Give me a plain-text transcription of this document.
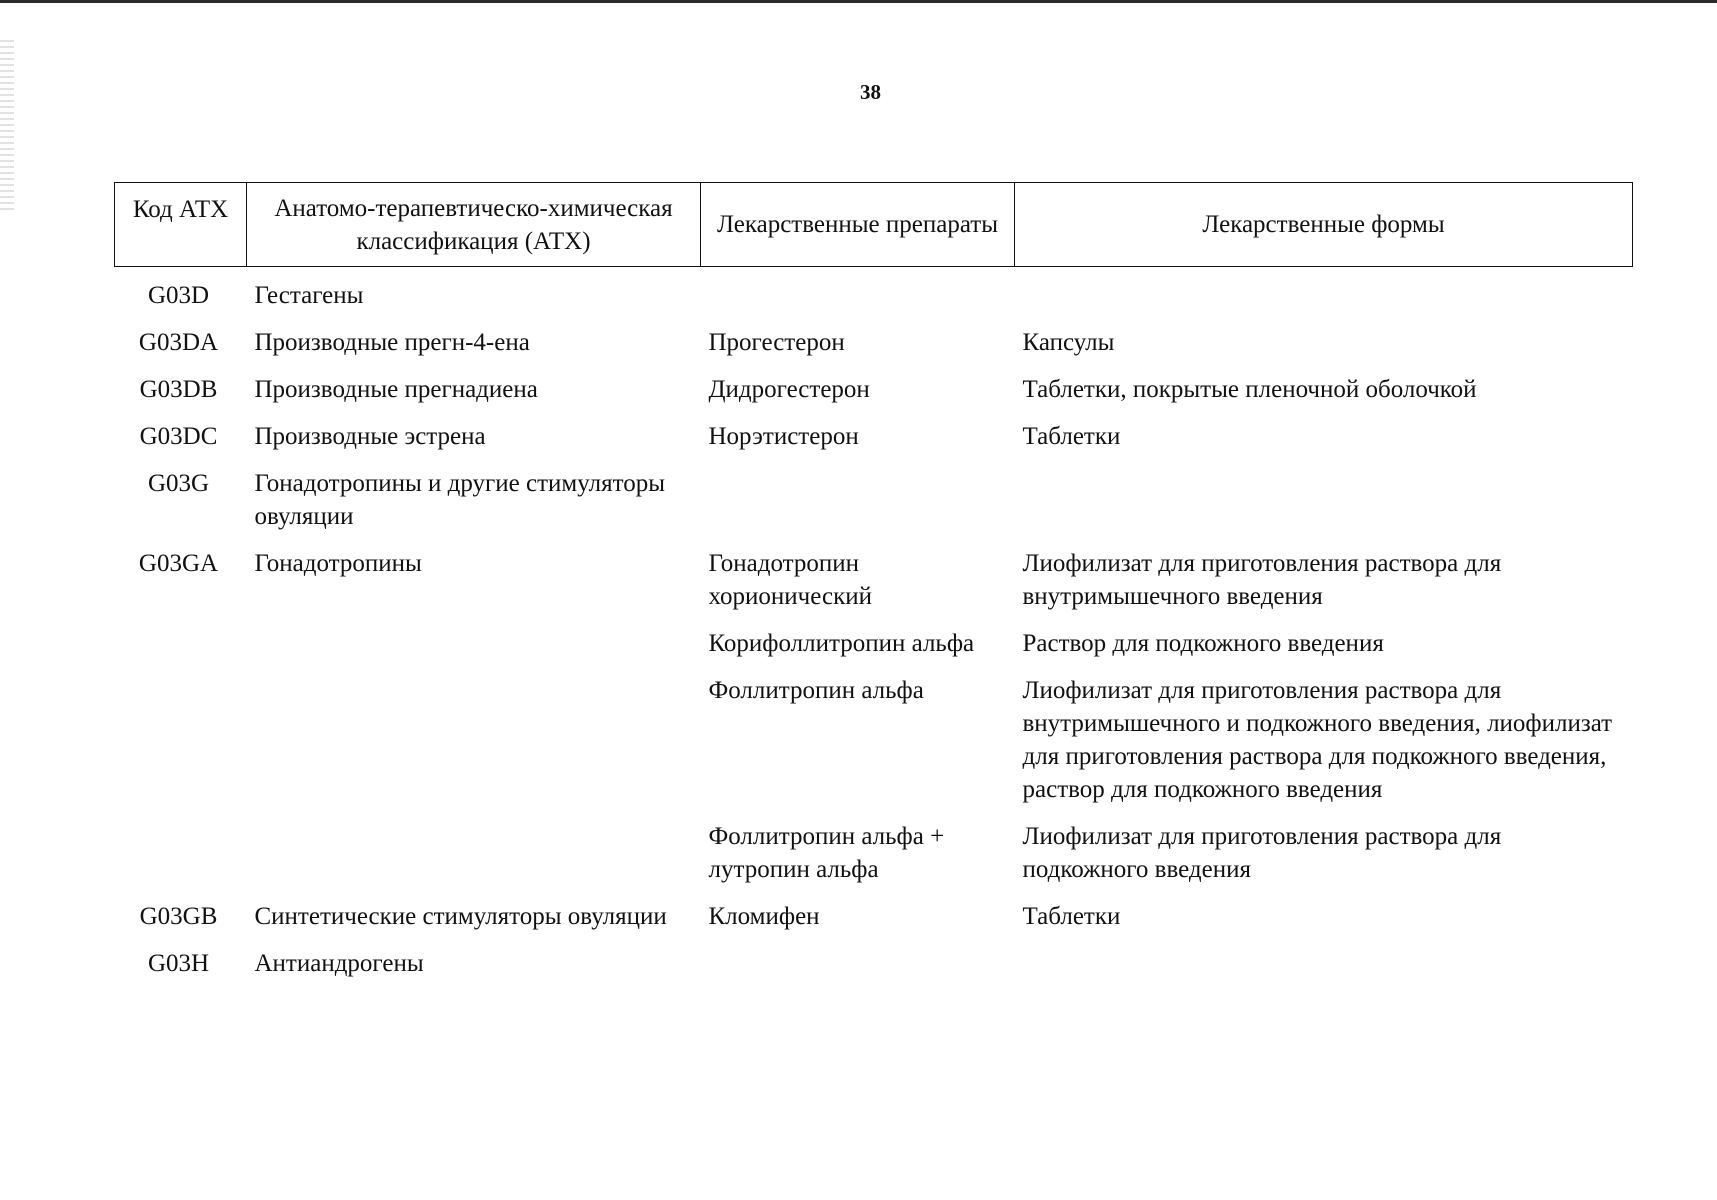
38
Код АТХ	Анатомо-терапевтическо-химическая классификация (АТХ)	Лекарственные препараты	Лекарственные формы
G03D	Гестагены		
G03DA	Производные прегн-4-ена	Прогестерон	Капсулы
G03DB	Производные прегнадиена	Дидрогестерон	Таблетки, покрытые пленочной оболочкой
G03DC	Производные эстрена	Норэтистерон	Таблетки
G03G	Гонадотропины и другие стимуляторы овуляции		
G03GA	Гонадотропины	Гонадотропин хорионический	Лиофилизат для приготовления раствора для внутримышечного введения
		Корифоллитропин альфа	Раствор для подкожного введения
		Фоллитропин альфа	Лиофилизат для приготовления раствора для внутримышечного и подкожного введения, лиофилизат для приготовления раствора для подкожного введения, раствор для подкожного введения
		Фоллитропин альфа + лутропин альфа	Лиофилизат для приготовления раствора для подкожного введения
G03GB	Синтетические стимуляторы овуляции	Кломифен	Таблетки
G03H	Антиандрогены		
